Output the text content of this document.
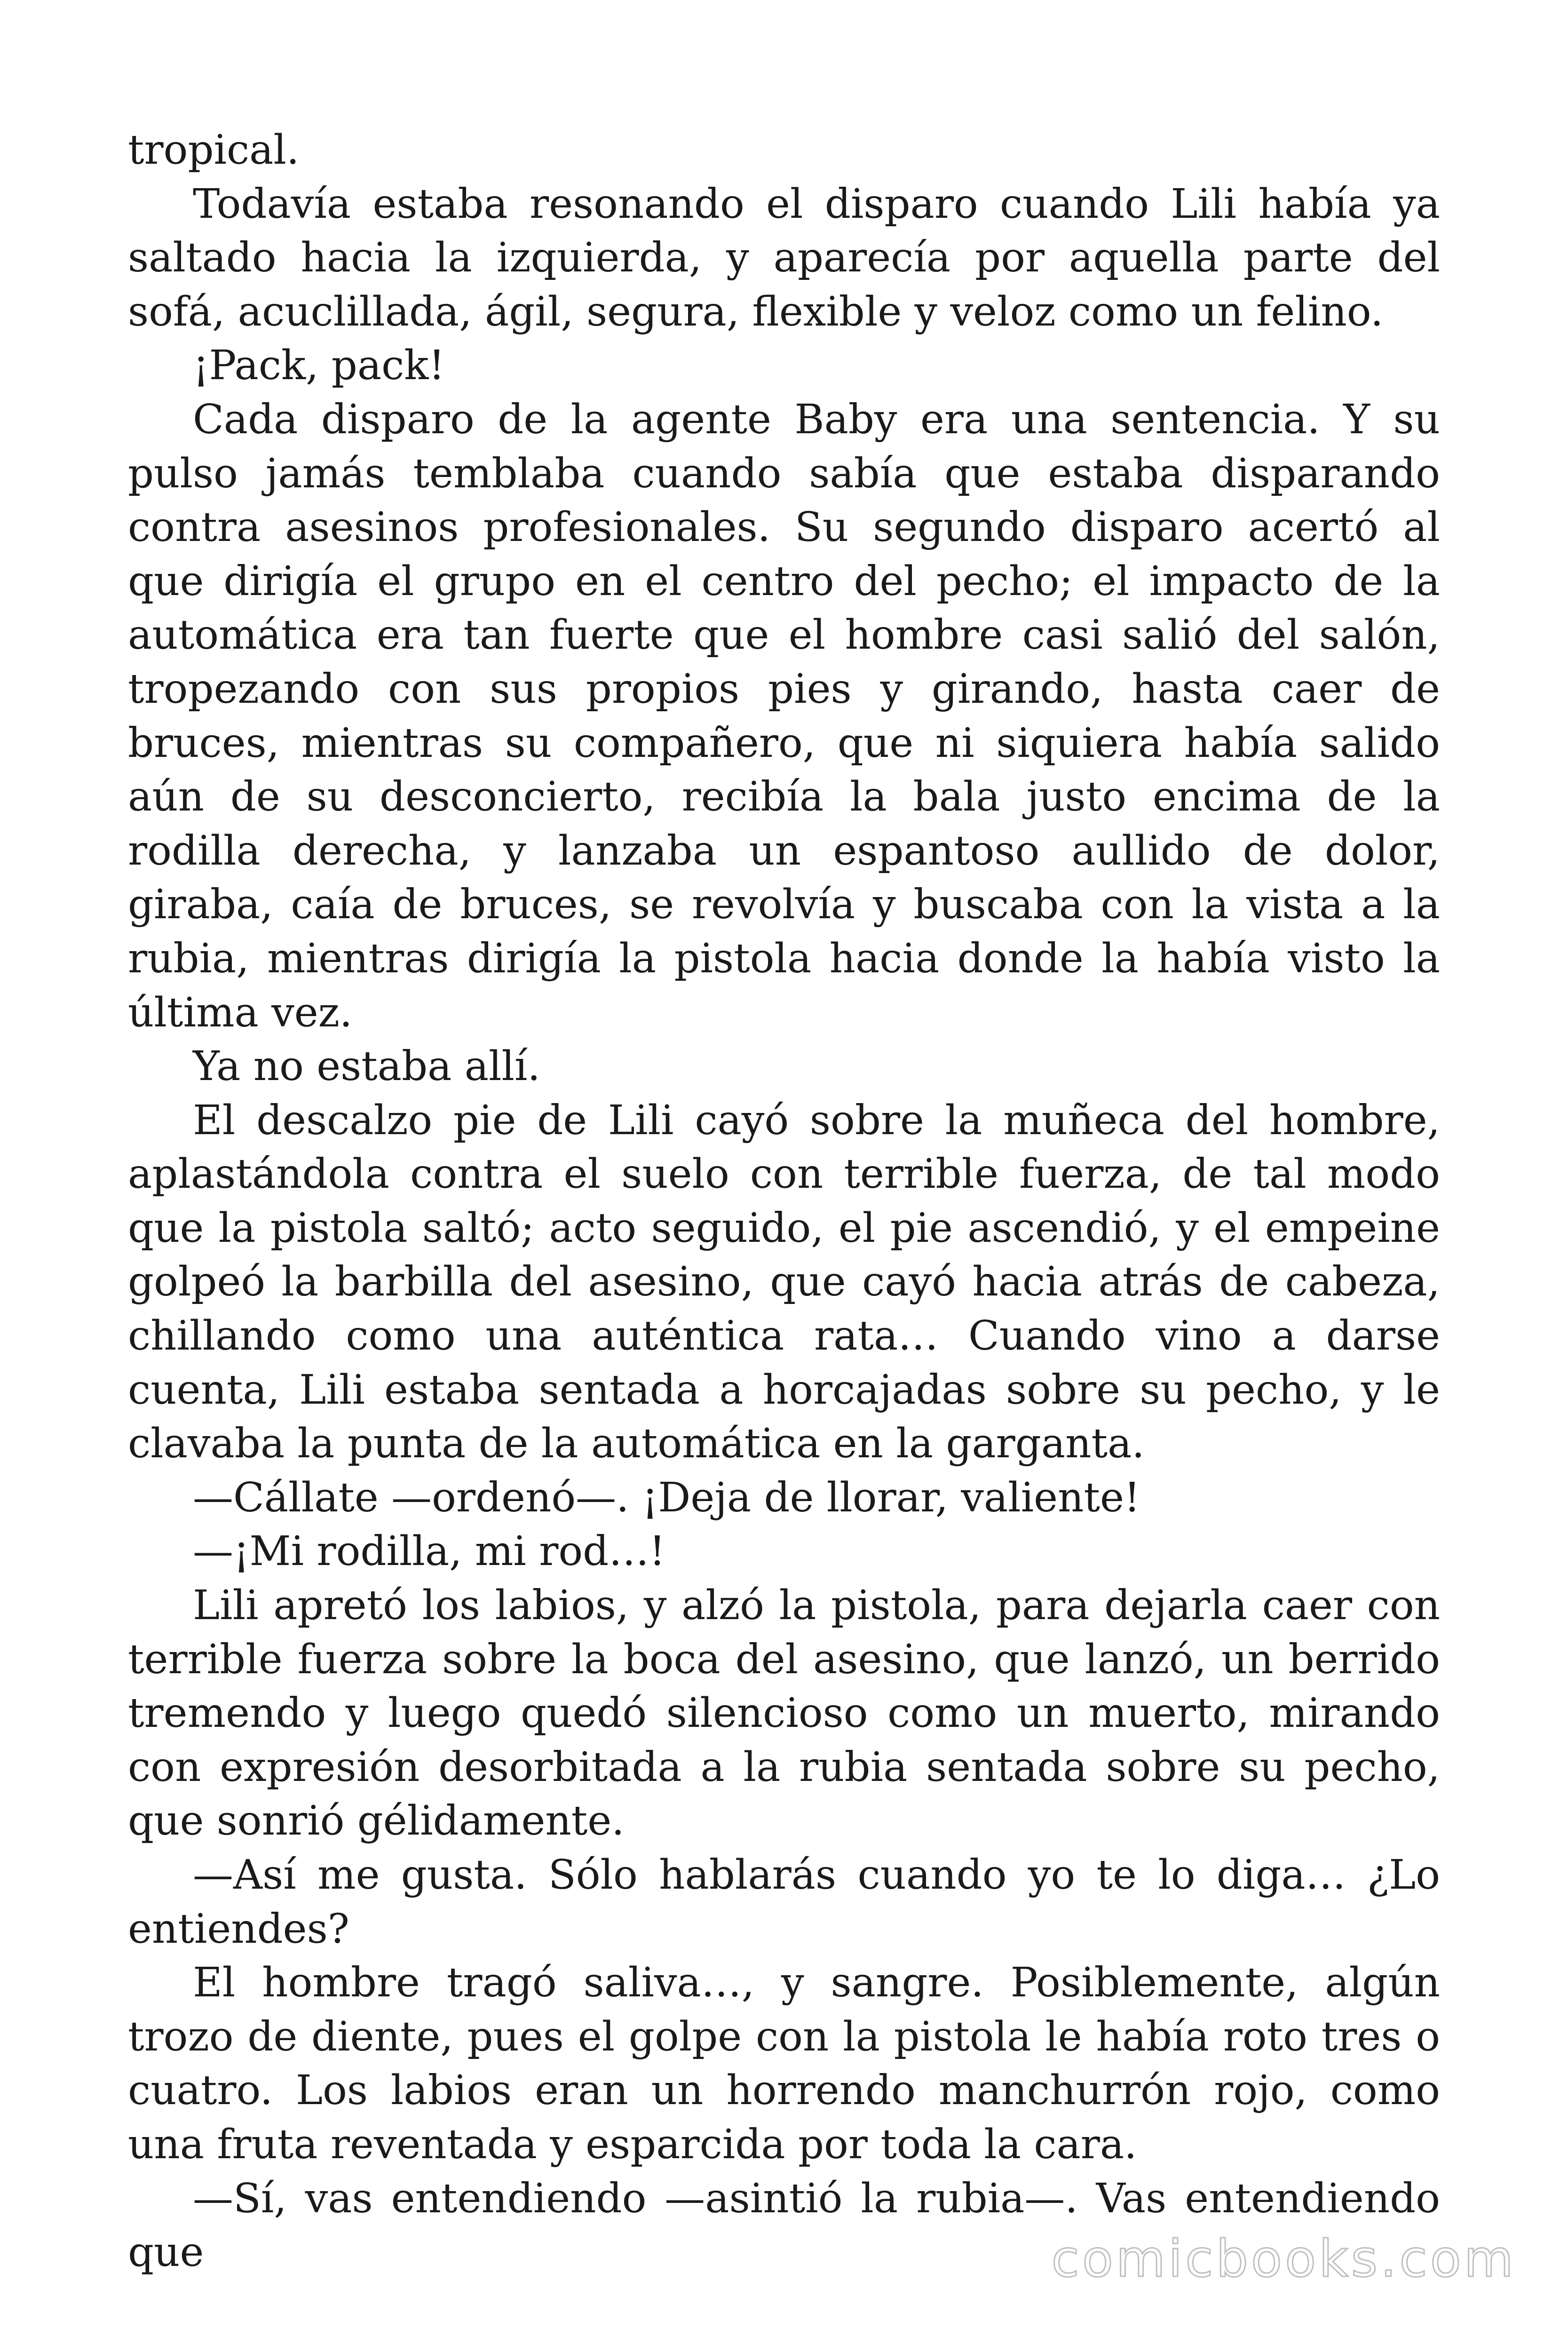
tropical.

Todavía estaba resonando el disparo cuando Lili había ya saltado hacia la izquierda, y aparecía por aquella parte del sofá, acuclillada, ágil, segura, flexible y veloz como un felino.

¡Pack, pack!

Cada disparo de la agente Baby era una sentencia. Y su pulso jamás temblaba cuando sabía que estaba disparando contra asesinos profesionales. Su segundo disparo acertó al que dirigía el grupo en el centro del pecho; el impacto de la automática era tan fuerte que el hombre casi salió del salón, tropezando con sus propios pies y girando, hasta caer de bruces, mientras su compañero, que ni siquiera había salido aún de su desconcierto, recibía la bala justo encima de la rodilla derecha, y lanzaba un espantoso aullido de dolor, giraba, caía de bruces, se revolvía y buscaba con la vista a la rubia, mientras dirigía la pistola hacia donde la había visto la última vez.

Ya no estaba allí.

El descalzo pie de Lili cayó sobre la muñeca del hombre, aplastándola contra el suelo con terrible fuerza, de tal modo que la pistola saltó; acto seguido, el pie ascendió, y el empeine golpeó la barbilla del asesino, que cayó hacia atrás de cabeza, chillando como una auténtica rata… Cuando vino a darse cuenta, Lili estaba sentada a horcajadas sobre su pecho, y le clavaba la punta de la automática en la garganta.

—Cállate —ordenó—. ¡Deja de llorar, valiente!

—¡Mi rodilla, mi rod…!

Lili apretó los labios, y alzó la pistola, para dejarla caer con terrible fuerza sobre la boca del asesino, que lanzó, un berrido tremendo y luego quedó silencioso como un muerto, mirando con expresión desorbitada a la rubia sentada sobre su pecho, que sonrió gélidamente.

—Así me gusta. Sólo hablarás cuando yo te lo diga… ¿Lo entiendes?

El hombre tragó saliva…, y sangre. Posiblemente, algún trozo de diente, pues el golpe con la pistola le había roto tres o cuatro. Los labios eran un horrendo manchurrón rojo, como una fruta reventada y esparcida por toda la cara.

—Sí, vas entendiendo —asintió la rubia—. Vas entendiendo que	comicbooks.com
